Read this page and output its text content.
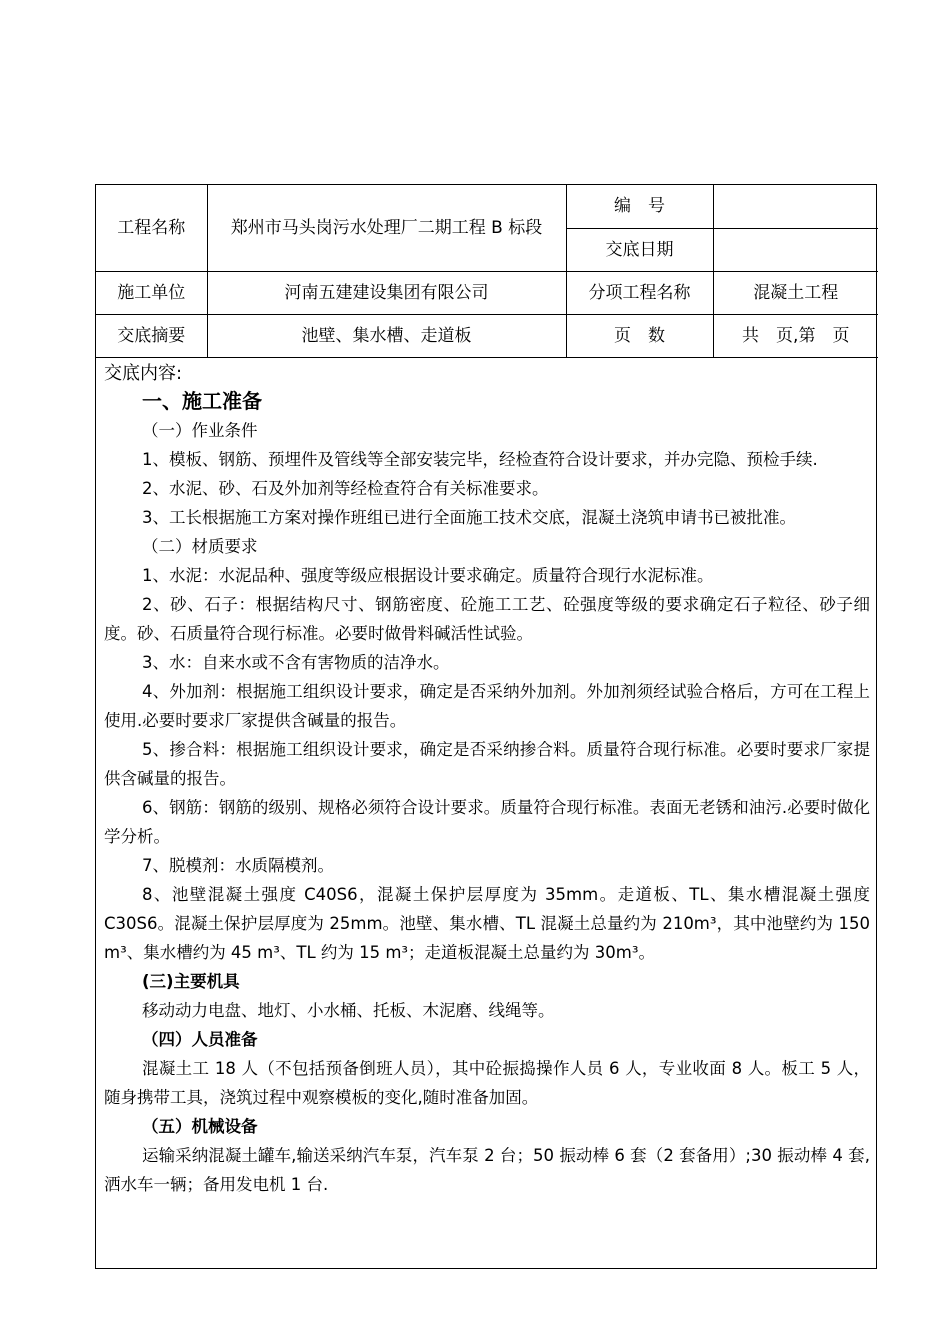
工程名称	郑州市马头岗污水处理厂二期工程 B 标段	编　号	
		交底日期	
施工单位	河南五建建设集团有限公司	分项工程名称	混凝土工程
交底摘要	池壁、集水槽、走道板	页　数	共　页,第　页
交底内容:
一、施工准备
（一）作业条件
1、模板、钢筋、预埋件及管线等全部安装完毕，经检查符合设计要求，并办完隐、预检手续.
2、水泥、砂、石及外加剂等经检查符合有关标准要求。
3、工长根据施工方案对操作班组已进行全面施工技术交底，混凝土浇筑申请书已被批准。
（二）材质要求
1、水泥：水泥品种、强度等级应根据设计要求确定。质量符合现行水泥标准。
2、砂、石子：根据结构尺寸、钢筋密度、砼施工工艺、砼强度等级的要求确定石子粒径、砂子细度。砂、石质量符合现行标准。必要时做骨料碱活性试验。
3、水：自来水或不含有害物质的洁净水。
4、外加剂：根据施工组织设计要求，确定是否采纳外加剂。外加剂须经试验合格后，方可在工程上使用.必要时要求厂家提供含碱量的报告。
5、掺合料：根据施工组织设计要求，确定是否采纳掺合料。质量符合现行标准。必要时要求厂家提供含碱量的报告。
6、钢筋：钢筋的级别、规格必须符合设计要求。质量符合现行标准。表面无老锈和油污.必要时做化学分析。
7、脱模剂：水质隔模剂。
8、池壁混凝土强度 C40S6，混凝土保护层厚度为 35mm。走道板、TL、集水槽混凝土强度 C30S6。混凝土保护层厚度为 25mm。池壁、集水槽、TL 混凝土总量约为 210m³，其中池壁约为 150 m³、集水槽约为 45 m³、TL 约为 15 m³；走道板混凝土总量约为 30m³。
(三)主要机具
移动动力电盘、地灯、小水桶、托板、木泥磨、线绳等。
（四）人员准备
混凝土工 18 人（不包括预备倒班人员），其中砼振捣操作人员 6 人，专业收面 8 人。板工 5 人，随身携带工具，浇筑过程中观察模板的变化,随时准备加固。
（五）机械设备
运输采纳混凝土罐车,输送采纳汽车泵，汽车泵 2 台；50 振动棒 6 套（2 套备用）;30 振动棒 4 套,洒水车一辆；备用发电机 1 台.
